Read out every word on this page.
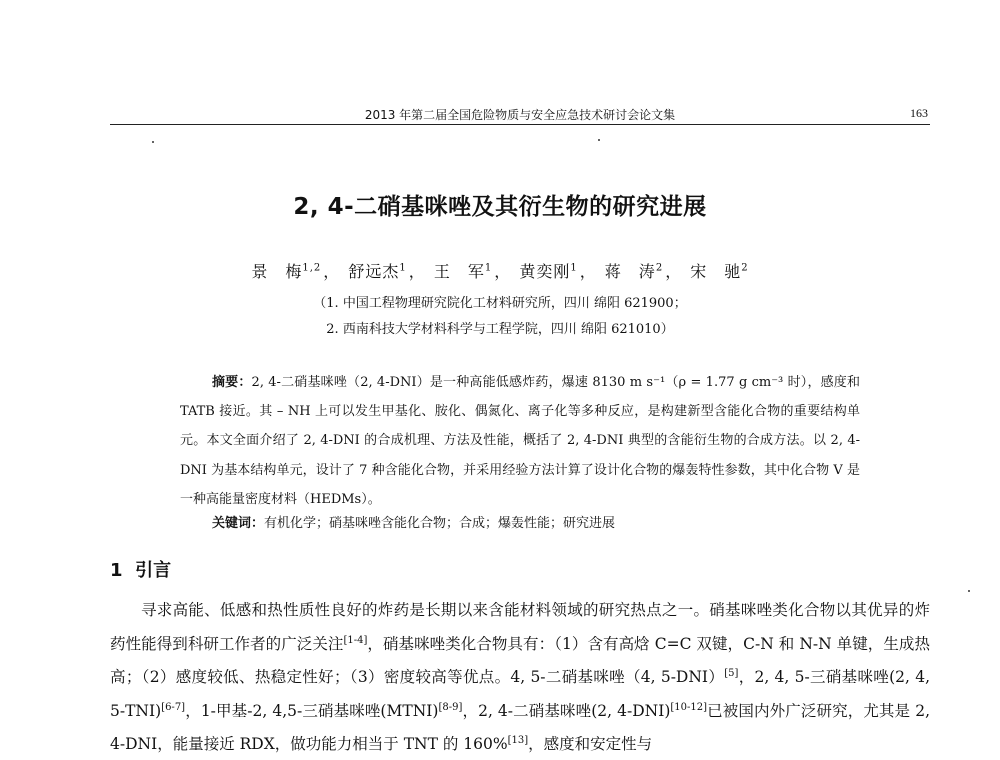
2013 年第二届全国危险物质与安全应急技术研讨会论文集	163
2, 4-二硝基咪唑及其衍生物的研究进展
景　梅$^{1,2}$ ， 舒远杰$^1$ ， 王　军$^1$ ， 黄奕刚$^1$ ， 蒋　涛$^2$ ， 宋　驰$^2$
（1. 中国工程物理研究院化工材料研究所，四川 绵阳 621900；
2. 西南科技大学材料科学与工程学院，四川 绵阳 621010）
摘要：2, 4-二硝基咪唑（2, 4-DNI）是一种高能低感炸药，爆速 8130 m s⁻¹（ρ = 1.77 g cm⁻³ 时），感度和 TATB 接近。其 – NH 上可以发生甲基化、胺化、偶氮化、离子化等多种反应，是构建新型含能化合物的重要结构单元。本文全面介绍了 2, 4-DNI 的合成机理、方法及性能，概括了 2, 4-DNI 典型的含能衍生物的合成方法。以 2, 4-DNI 为基本结构单元，设计了 7 种含能化合物，并采用经验方法计算了设计化合物的爆轰特性参数，其中化合物 V 是一种高能量密度材料（HEDMs）。
关键词：有机化学；硝基咪唑含能化合物；合成；爆轰性能；研究进展
1 引言
寻求高能、低感和热性质性良好的炸药是长期以来含能材料领域的研究热点之一。硝基咪唑类化合物以其优异的炸药性能得到科研工作者的广泛关注[1-4]，硝基咪唑类化合物具有：（1）含有高焓 C=C 双键，C-N 和 N-N 单键，生成热高；（2）感度较低、热稳定性好；（3）密度较高等优点。4, 5-二硝基咪唑（4, 5-DNI）[5]，2, 4, 5-三硝基咪唑(2, 4, 5-TNI)[6-7]，1-甲基-2, 4,5-三硝基咪唑(MTNI)[8-9]，2, 4-二硝基咪唑(2, 4-DNI)[10-12]已被国内外广泛研究，尤其是 2, 4-DNI，能量接近 RDX，做功能力相当于 TNT 的 160%[13]，感度和安定性与
